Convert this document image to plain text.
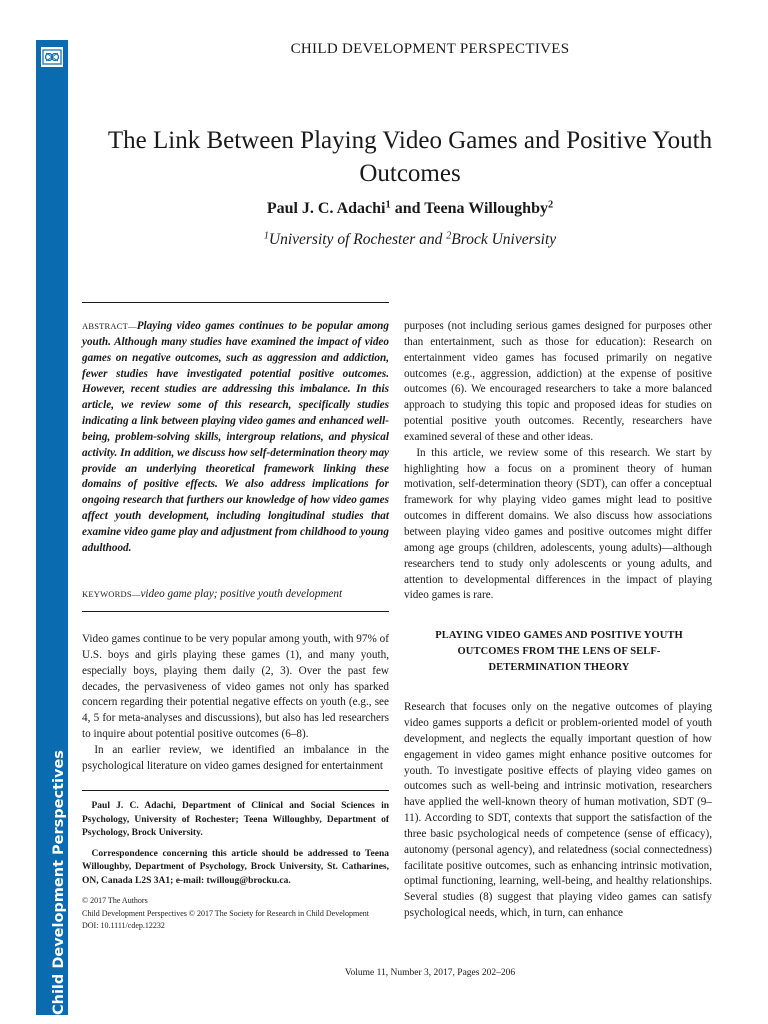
Child Development Perspectives
CHILD DEVELOPMENT PERSPECTIVES
The Link Between Playing Video Games and Positive Youth Outcomes
Paul J. C. Adachi$^1$ and Teena Willoughby$^2$
$^1$University of Rochester and $^2$Brock University
ABSTRACT—Playing video games continues to be popular among youth. Although many studies have examined the impact of video games on negative outcomes, such as aggression and addiction, fewer studies have investigated potential positive outcomes. However, recent studies are addressing this imbalance. In this article, we review some of this research, specifically studies indicating a link between playing video games and enhanced well-being, problem-solving skills, intergroup relations, and physical activity. In addition, we discuss how self-determination theory may provide an underlying theoretical framework linking these domains of positive effects. We also address implications for ongoing research that furthers our knowledge of how video games affect youth development, including longitudinal studies that examine video game play and adjustment from childhood to young adulthood.
KEYWORDS—video game play; positive youth development

Video games continue to be very popular among youth, with 97% of U.S. boys and girls playing these games (1), and many youth, especially boys, playing them daily (2, 3). Over the past few decades, the pervasiveness of video games not only has sparked concern regarding their potential negative effects on youth (e.g., see 4, 5 for meta-analyses and discussions), but also has led researchers to inquire about potential positive outcomes (6–8).

In an earlier review, we identified an imbalance in the psychological literature on video games designed for entertainment

Paul J. C. Adachi, Department of Clinical and Social Sciences in Psychology, University of Rochester; Teena Willoughby, Department of Psychology, Brock University.

Correspondence concerning this article should be addressed to Teena Willoughby, Department of Psychology, Brock University, St. Catharines, ON, Canada L2S 3A1; e-mail: twilloug@brocku.ca.

© 2017 The Authors

Child Development Perspectives © 2017 The Society for Research in Child Development

DOI: 10.1111/cdep.12232

purposes (not including serious games designed for purposes other than entertainment, such as those for education): Research on entertainment video games has focused primarily on negative outcomes (e.g., aggression, addiction) at the expense of positive outcomes (6). We encouraged researchers to take a more balanced approach to studying this topic and proposed ideas for studies on potential positive youth outcomes. Recently, researchers have examined several of these and other ideas.

In this article, we review some of this research. We start by highlighting how a focus on a prominent theory of human motivation, self-determination theory (SDT), can offer a conceptual framework for why playing video games might lead to positive outcomes in different domains. We also discuss how associations between playing video games and positive outcomes might differ among age groups (children, adolescents, young adults)—although researchers tend to study only adolescents or young adults, and attention to developmental differences in the impact of playing video games is rare.

PLAYING VIDEO GAMES AND POSITIVE YOUTH OUTCOMES FROM THE LENS OF SELF-DETERMINATION THEORY

Research that focuses only on the negative outcomes of playing video games supports a deficit or problem-oriented model of youth development, and neglects the equally important question of how engagement in video games might enhance positive outcomes for youth. To investigate positive effects of playing video games on outcomes such as well-being and intrinsic motivation, researchers have applied the well-known theory of human motivation, SDT (9–11). According to SDT, contexts that support the satisfaction of the three basic psychological needs of competence (sense of efficacy), autonomy (personal agency), and relatedness (social connectedness) facilitate positive outcomes, such as enhancing intrinsic motivation, optimal functioning, learning, well-being, and healthy relationships. Several studies (8) suggest that playing video games can satisfy psychological needs, which, in turn, can enhance

Volume 11, Number 3, 2017, Pages 202–206
